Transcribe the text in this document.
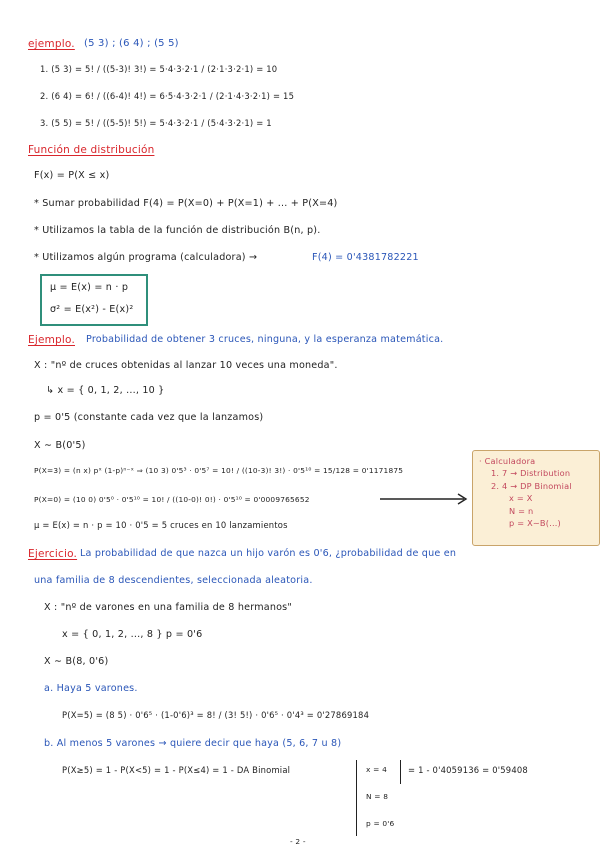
ejemplo. (5 3) ; (6 4) ; (5 5)
1. (5 3) = 5! / ((5-3)! 3!) = 5·4·3·2·1 / (2·1·3·2·1) = 10
2. (6 4) = 6! / ((6-4)! 4!) = 6·5·4·3·2·1 / (2·1·4·3·2·1) = 15
3. (5 5) = 5! / ((5-5)! 5!) = 5·4·3·2·1 / (5·4·3·2·1) = 1
Función de distribución
F(x) = P(X ≤ x)
* Sumar probabilidad F(4) = P(X=0) + P(X=1) + ... + P(X=4)
* Utilizamos la tabla de la función de distribución B(n, p).
* Utilizamos algún programa (calculadora) →	F(4) = 0'4381782221
μ = E(x) = n · p
σ² = E(x²) - E(x)²
Ejemplo. Probabilidad de obtener 3 cruces, ninguna, y la esperanza matemática.
X : "nº de cruces obtenidas al lanzar 10 veces una moneda".
↳ x = { 0, 1, 2, ..., 10 }
p = 0'5 (constante cada vez que la lanzamos)
X ∼ B(0'5)
P(X=3) = (n x) pˣ (1-p)ⁿ⁻ˣ ⇒ (10 3) 0'5³ · 0'5⁷ = 10! / ((10-3)! 3!) · 0'5¹⁰ = 15/128 = 0'1171875
P(X=0) = (10 0) 0'5⁰ · 0'5¹⁰ = 10! / ((10-0)! 0!) · 0'5¹⁰ = 0'0009765652
μ = E(x) = n · p = 10 · 0'5 = 5 cruces en 10 lanzamientos
· Calculadora
1. 7 → Distribution
2. 4 → DP Binomial
x = X
N = n
p = X∼B(...)
Ejercicio. La probabilidad de que nazca un hijo varón es 0'6, ¿probabilidad de que en
una familia de 8 descendientes, seleccionada aleatoria.
X : "nº de varones en una familia de 8 hermanos"
x = { 0, 1, 2, ..., 8 } p = 0'6
X ∼ B(8, 0'6)
a. Haya 5 varones.
P(X=5) = (8 5) · 0'6⁵ · (1-0'6)³ = 8! / (3! 5!) · 0'6⁵ · 0'4³ = 0'27869184
b. Al menos 5 varones → quiere decir que haya (5, 6, 7 u 8)
P(X≥5) = 1 - P(X<5) = 1 - P(X≤4) = 1 - DA Binomial	x = 4
N = 8
p = 0'6
= 1 - 0'4059136 = 0'59408
- 2 -
